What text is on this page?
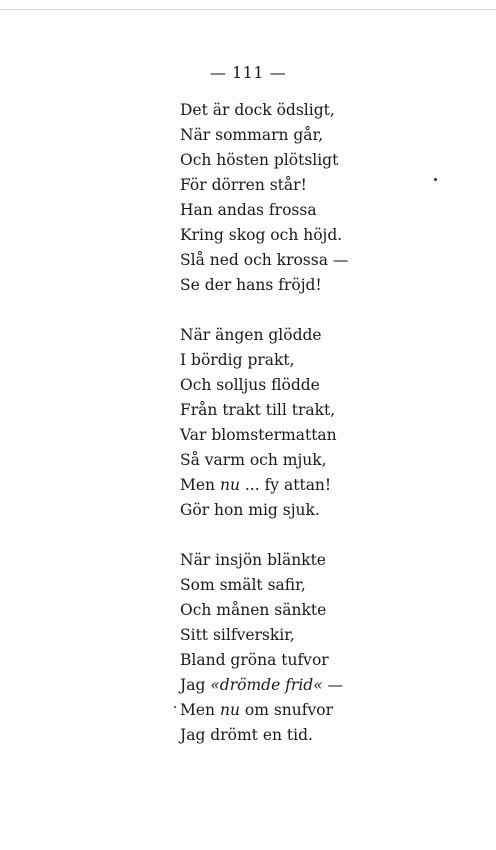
— 111 —
Det är dock ödsligt,
När sommarn går,
Och hösten plötsligt
För dörren står!
Han andas frossa
Kring skog och höjd.
Slå ned och krossa —
Se der hans fröjd!
När ängen glödde
I bördig prakt,
Och solljus flödde
Från trakt till trakt,
Var blomstermattan
Så varm och mjuk,
Men nu ... fy attan!
Gör hon mig sjuk.
När insjön blänkte
Som smält safir,
Och månen sänkte
Sitt silfverskir,
Bland gröna tufvor
Jag «drömde frid« —
Men nu om snufvor
Jag drömt en tid.
